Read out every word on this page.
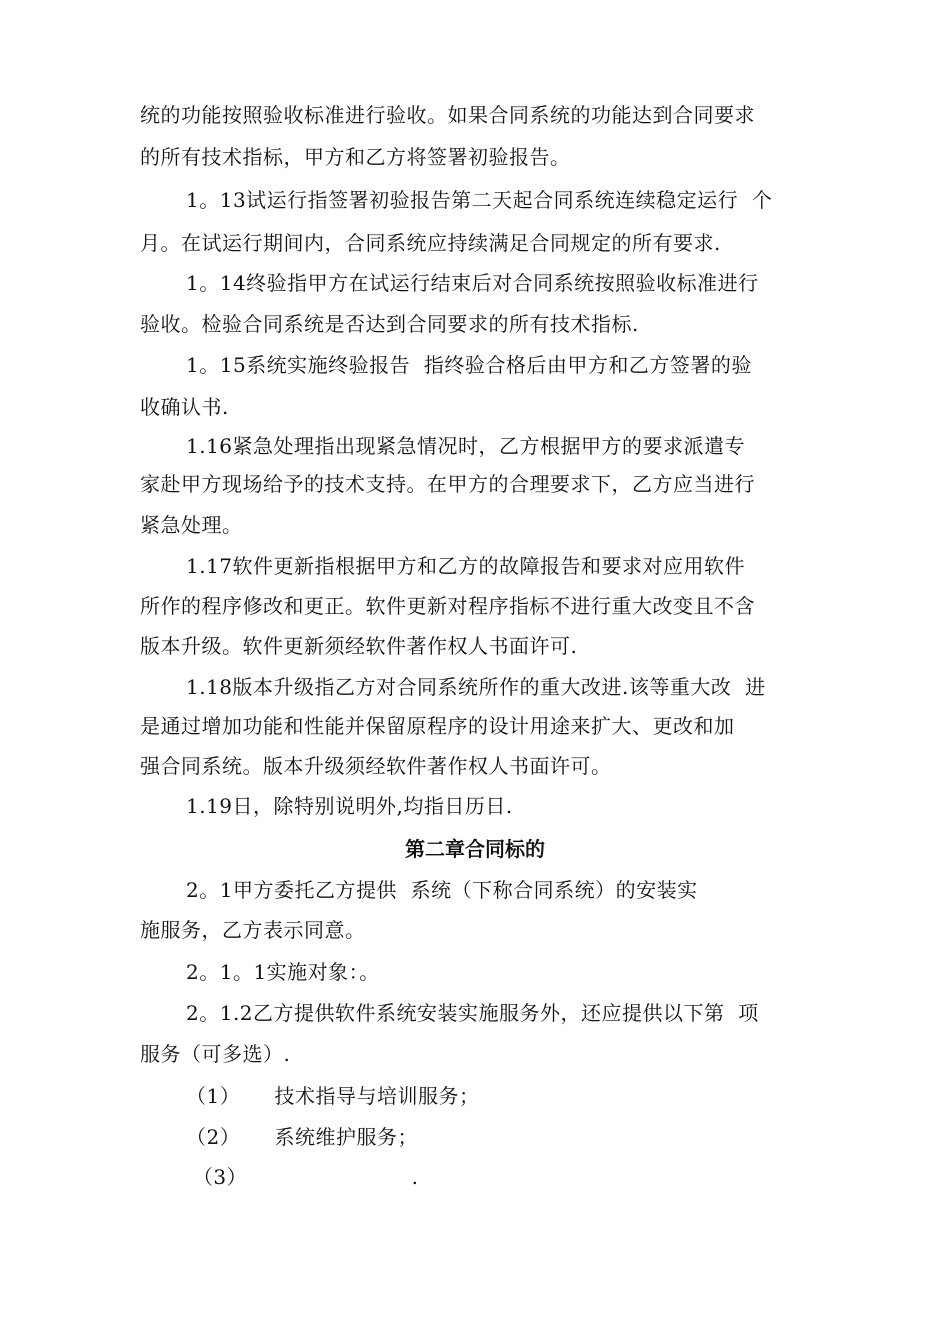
统的功能按照验收标准进行验收。如果合同系统的功能达到合同要求
的所有技术指标，甲方和乙方将签署初验报告。
1。13试运行指签署初验报告第二天起合同系统连续稳定运行  个
月。在试运行期间内，合同系统应持续满足合同规定的所有要求.
1。14终验指甲方在试运行结束后对合同系统按照验收标准进行
验收。检验合同系统是否达到合同要求的所有技术指标.
1。15系统实施终验报告  指终验合格后由甲方和乙方签署的验
收确认书.
1.16紧急处理指出现紧急情况时，乙方根据甲方的要求派遣专
家赴甲方现场给予的技术支持。在甲方的合理要求下，乙方应当进行
紧急处理。
1.17软件更新指根据甲方和乙方的故障报告和要求对应用软件
所作的程序修改和更正。软件更新对程序指标不进行重大改变且不含
版本升级。软件更新须经软件著作权人书面许可.
1.18版本升级指乙方对合同系统所作的重大改进.该等重大改  进
是通过增加功能和性能并保留原程序的设计用途来扩大、更改和加
强合同系统。版本升级须经软件著作权人书面许可。
1.19日，除特别说明外,均指日历日.
第二章合同标的
2。1甲方委托乙方提供  系统（下称合同系统）的安装实
施服务，乙方表示同意。
2。1。1实施对象：。
2。1.2乙方提供软件系统安装实施服务外，还应提供以下第  项
服务（可多选）.
（1）     技术指导与培训服务；
（2）     系统维护服务；
（3）                        .
